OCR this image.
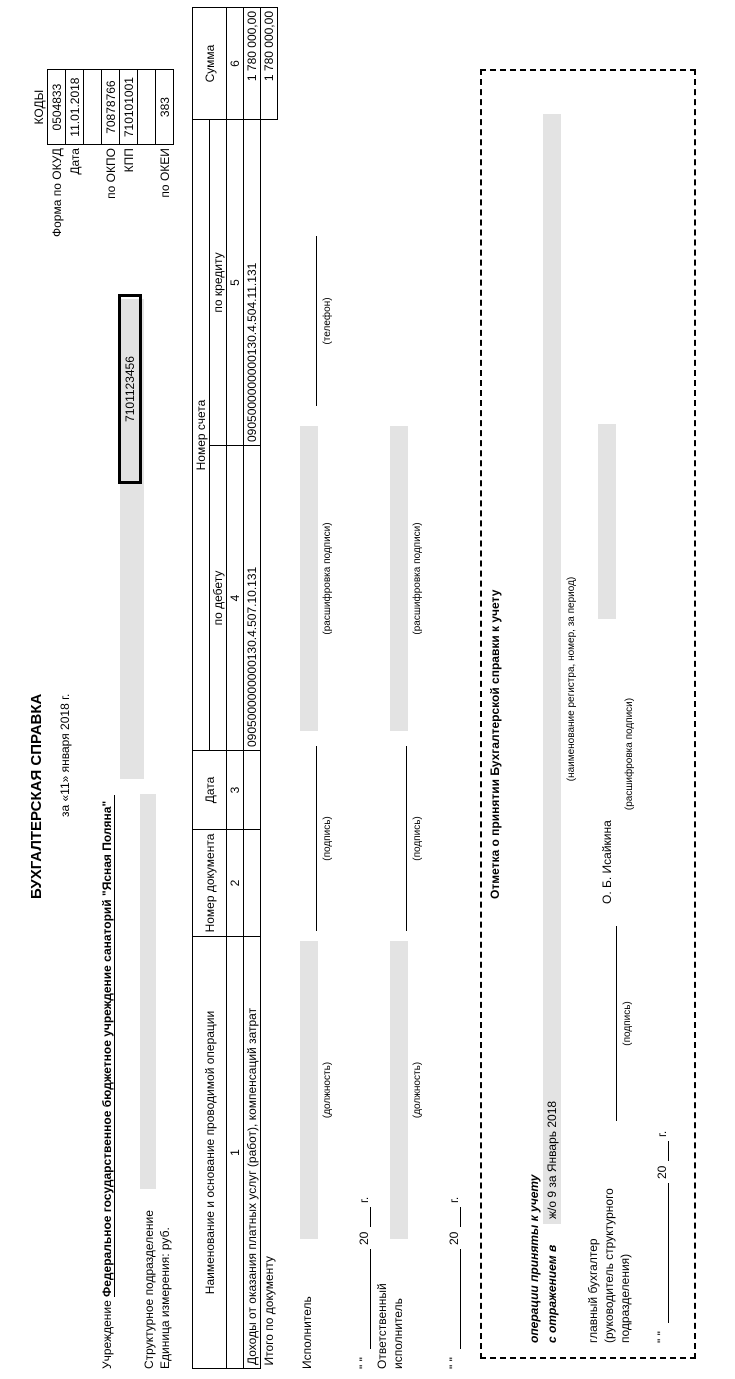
БУХГАЛТЕРСКАЯ СПРАВКА за «11» января 2018 г.
	КОДЫ
Форма по ОКУД	0504833
Дата	11.01.2018

по ОКПО	70878766
КПП	710101001

по ОКЕИ	383
7101123456
Учреждение
Федеральное государственное бюджетное учреждение санаторий "Ясная Поляна" Структурное подразделение Единица измерения: руб.
Наименование и основание проводимой операции	Номер документа	Дата	Номер счета		Сумма
			по дебету	по кредиту	
1	2	3	4	5	6
Доходы от оказания платных услуг (работ), компенсаций затрат			0905000000000130.4.507.10.131	0905000000000130.4.504.11.131	1 780 000,00
Итого по документу					1 780 000,00
Исполнитель
(должность)
(подпись)
(расшифровка подписи)
(телефон)
" "
20
г.
Ответственный исполнитель
(должность)
(подпись)
(расшифровка подписи)
" "
20
г.
Отметка о принятии Бухгалтерской справки к учету
операции приняты к учету с отражением в
ж/о 9 за Январь 2018
(наименование регистра, номер, за период)
главный бухгалтер (руководитель структурного подразделения)
(подпись)
О. Б. Исайкина
(расшифровка подписи)
" "
20
г.
